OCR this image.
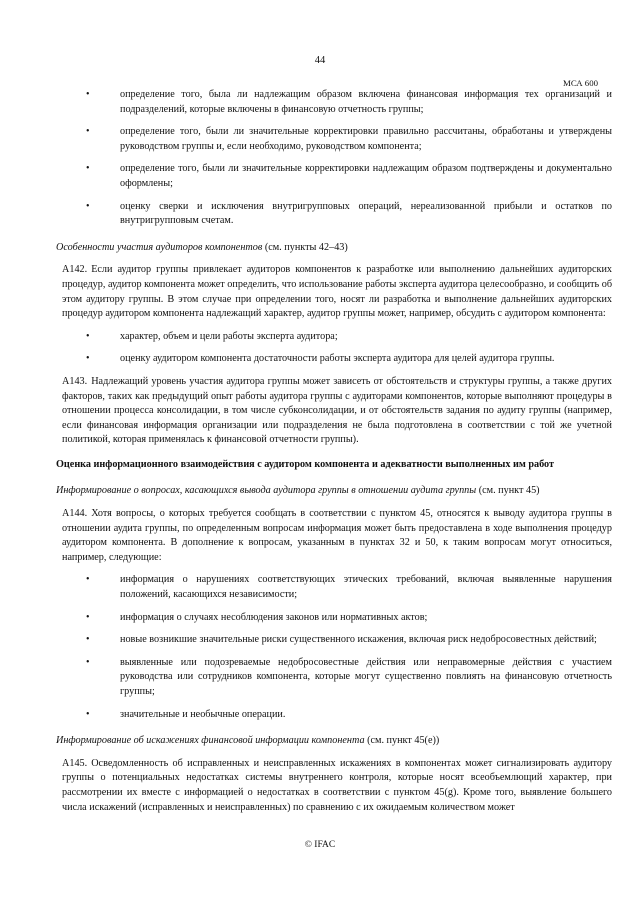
44
МСА 600
•	определение того, была ли надлежащим образом включена финансовая информация тех организаций и подразделений, которые включены в финансовую отчетность группы;
•	определение того, были ли значительные корректировки правильно рассчитаны, обработаны и утверждены руководством группы и, если необходимо, руководством компонента;
•	определение того, были ли значительные корректировки надлежащим образом подтверждены и документально оформлены;
•	оценку сверки и исключения внутригрупповых операций, нереализованной прибыли и остатков по внутригрупповым счетам.
Особенности участия аудиторов компонентов (см. пункты 42–43)
А142. Если аудитор группы привлекает аудиторов компонентов к разработке или выполнению дальнейших аудиторских процедур, аудитор компонента может определить, что использование работы эксперта аудитора целесообразно, и сообщить об этом аудитору группы. В этом случае при определении того, носят ли разработка и выполнение дальнейших аудиторских процедур аудитором компонента надлежащий характер, аудитор группы может, например, обсудить с аудитором компонента:
•	характер, объем и цели работы эксперта аудитора;
•	оценку аудитором компонента достаточности работы эксперта аудитора для целей аудитора группы.
А143. Надлежащий уровень участия аудитора группы может зависеть от обстоятельств и структуры группы, а также других факторов, таких как предыдущий опыт работы аудитора группы с аудиторами компонентов, которые выполняют процедуры в отношении процесса консолидации, в том числе субконсолидации, и от обстоятельств задания по аудиту группы (например, если финансовая информация организации или подразделения не была подготовлена в соответствии с той же учетной политикой, которая применялась к финансовой отчетности группы).
Оценка информационного взаимодействия с аудитором компонента и адекватности выполненных им работ
Информирование о вопросах, касающихся вывода аудитора группы в отношении аудита группы (см. пункт 45)
А144. Хотя вопросы, о которых требуется сообщать в соответствии с пунктом 45, относятся к выводу аудитора группы в отношении аудита группы, по определенным вопросам информация может быть предоставлена в ходе выполнения процедур аудитором компонента. В дополнение к вопросам, указанным в пунктах 32 и 50, к таким вопросам могут относиться, например, следующие:
•	информация о нарушениях соответствующих этических требований, включая выявленные нарушения положений, касающихся независимости;
•	информация о случаях несоблюдения законов или нормативных актов;
•	новые возникшие значительные риски существенного искажения, включая риск недобросовестных действий;
•	выявленные или подозреваемые недобросовестные действия или неправомерные действия с участием руководства или сотрудников компонента, которые могут существенно повлиять на финансовую отчетность группы;
•	значительные и необычные операции.
Информирование об искажениях финансовой информации компонента (см. пункт 45(е))
А145. Осведомленность об исправленных и неисправленных искажениях в компонентах может сигнализировать аудитору группы о потенциальных недостатках системы внутреннего контроля, которые носят всеобъемлющий характер, при рассмотрении их вместе с информацией о недостатках в соответствии с пунктом 45(g). Кроме того, выявление большего числа искажений (исправленных и неисправленных) по сравнению с их ожидаемым количеством может
© IFAC
